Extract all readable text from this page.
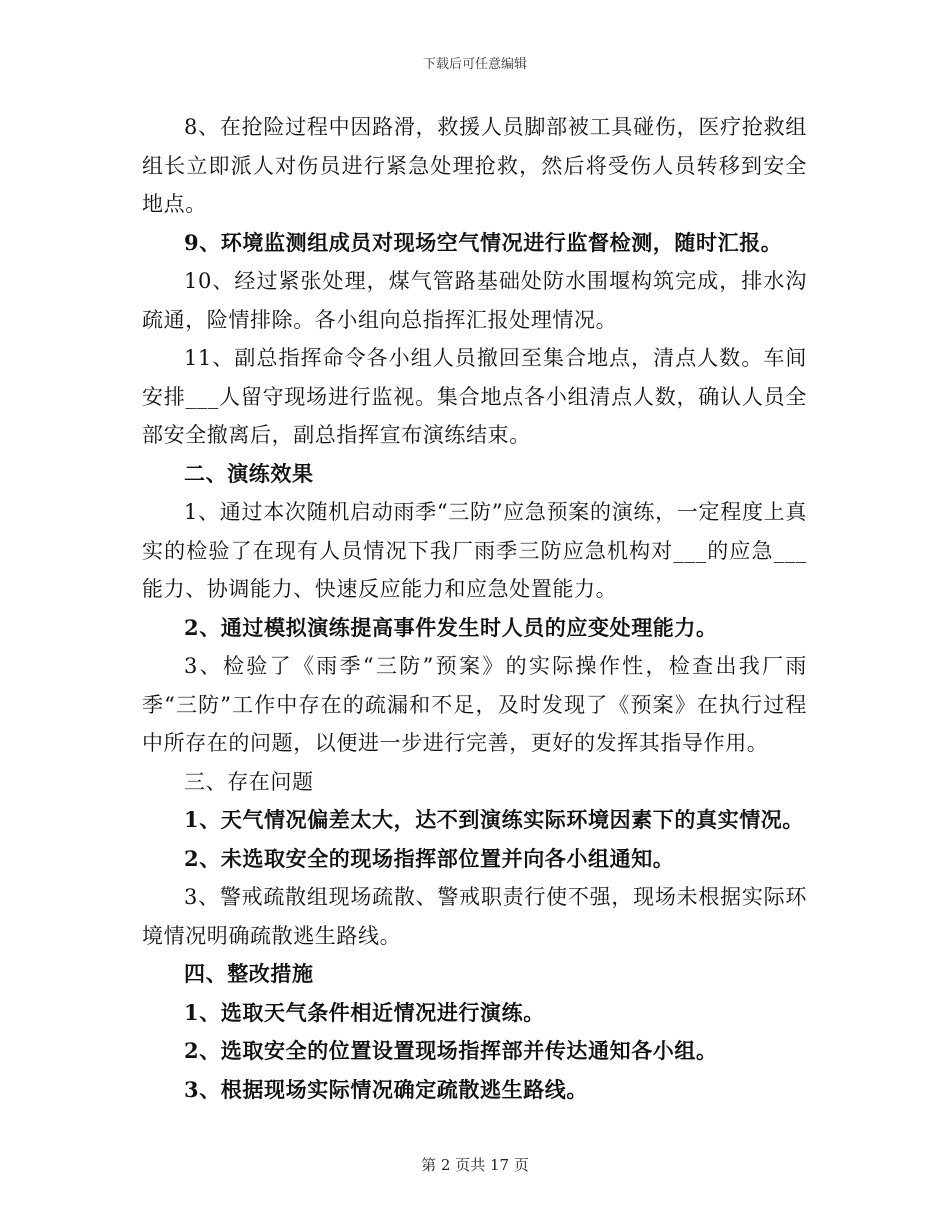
下载后可任意编辑

8、在抢险过程中因路滑，救援人员脚部被工具碰伤，医疗抢救组组长立即派人对伤员进行紧急处理抢救，然后将受伤人员转移到安全地点。

9、环境监测组成员对现场空气情况进行监督检测，随时汇报。

10、经过紧张处理，煤气管路基础处防水围堰构筑完成，排水沟疏通，险情排除。各小组向总指挥汇报处理情况。

11、副总指挥命令各小组人员撤回至集合地点，清点人数。车间安排___人留守现场进行监视。集合地点各小组清点人数，确认人员全部安全撤离后，副总指挥宣布演练结束。

二、演练效果

1、通过本次随机启动雨季“三防”应急预案的演练，一定程度上真实的检验了在现有人员情况下我厂雨季三防应急机构对___的应急___能力、协调能力、快速反应能力和应急处置能力。

2、通过模拟演练提高事件发生时人员的应变处理能力。

3、检验了《雨季“三防”预案》的实际操作性，检查出我厂雨季“三防”工作中存在的疏漏和不足，及时发现了《预案》在执行过程中所存在的问题，以便进一步进行完善，更好的发挥其指导作用。

三、存在问题

1、天气情况偏差太大，达不到演练实际环境因素下的真实情况。

2、未选取安全的现场指挥部位置并向各小组通知。

3、警戒疏散组现场疏散、警戒职责行使不强，现场未根据实际环境情况明确疏散逃生路线。

四、整改措施

1、选取天气条件相近情况进行演练。

2、选取安全的位置设置现场指挥部并传达通知各小组。

3、根据现场实际情况确定疏散逃生路线。

第 2 页共 17 页
